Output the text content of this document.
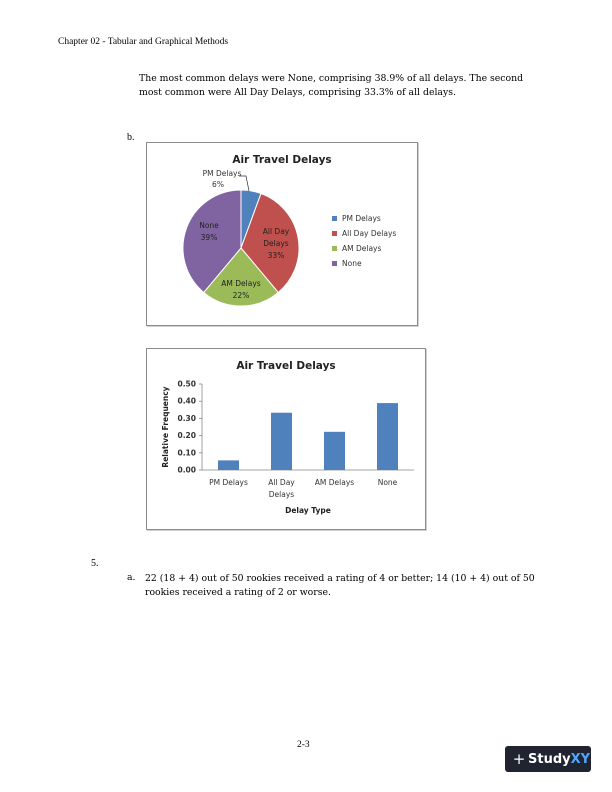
Chapter 02 - Tabular and Graphical Methods
The most common delays were None, comprising 38.9% of all delays. The second most common were All Day Delays, comprising 33.3% of all delays.
b.
Air Travel Delays
PM Delays
6%
All Day
Delays
33%
AM Delays
22%
None
39%
PM Delays
All Day Delays
AM Delays
None
Air Travel Delays
0.00
0.10
0.20
0.30
0.40
0.50
PM Delays	All Day
Delays
AM Delays	None
Delay Type
Relative Frequency
5.
a. 22 (18 + 4) out of 50 rookies received a rating of 4 or better; 14 (10 + 4) out of 50 rookies received a rating of 2 or worse.
2-3
+ Study XY
